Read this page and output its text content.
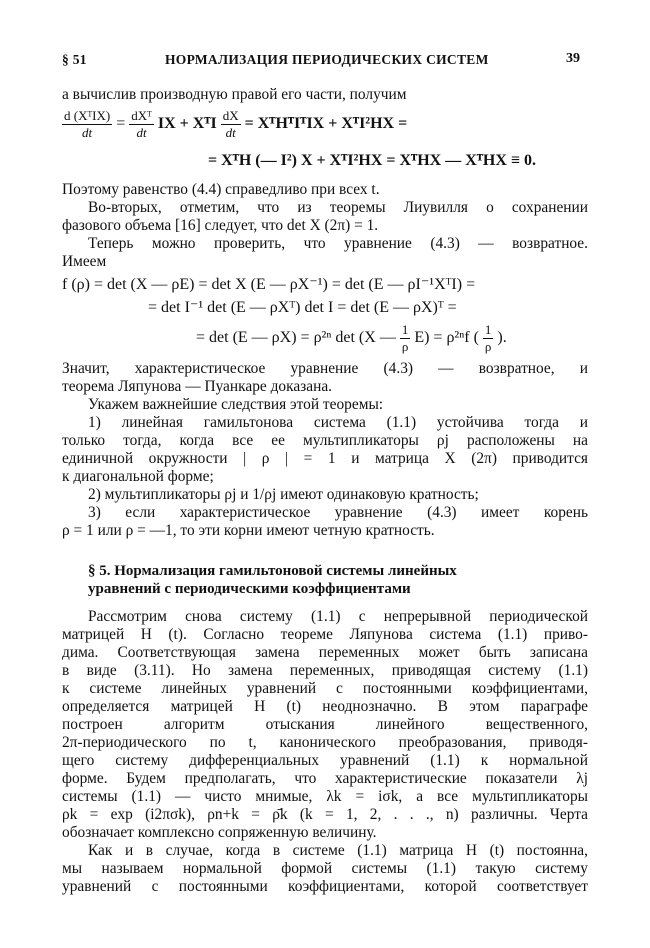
§ 51	НОРМАЛИЗАЦИЯ ПЕРИОДИЧЕСКИХ СИСТЕМ	39
а вычислив производную правой его части, получим
$\frac{\text{d (XᵀIX)}}{dt} = \frac{\text{dXᵀ}}{dt}$ IX + XᵀI $\frac{dX}{dt}$ = XᵀHᵀIᵀIX + XᵀI²HX =
= XᵀH (— I²) X + XᵀI²HX = XᵀHX — XᵀHX ≡ 0.
Поэтому равенство (4.4) справедливо при всех t.
Во-вторых, отметим, что из теоремы Лиувилля о сохранении
фазового объема [16] следует, что det X (2π) = 1.
Теперь можно проверить, что уравнение (4.3) — возвратное.
Имеем
f (ρ) = det (X — ρE) = det X (E — ρX⁻¹) = det (E — ρI⁻¹XᵀI) =
= det I⁻¹ det (E — ρXᵀ) det I = det (E — ρX)ᵀ =
= det (E — ρX) = ρ²ⁿ det (X — $\frac{1}{\rho} E) = \rho^{2n}f$ ( $\frac{1}{\rho}$ ).
Значит, характеристическое уравнение (4.3) — возвратное, и
теорема Ляпунова — Пуанкаре доказана.
Укажем важнейшие следствия этой теоремы:
1) линейная гамильтонова система (1.1) устойчива тогда и
только тогда, когда все ее мультипликаторы ρj расположены на
единичной окружности | ρ | = 1 и матрица X (2π) приводится
к диагональной форме;
2) мультипликаторы ρj и 1/ρj имеют одинаковую кратность;
3) если характеристическое уравнение (4.3) имеет корень
ρ = 1 или ρ = —1, то эти корни имеют четную кратность.
§ 5. Нормализация гамильтоновой системы линейных
уравнений с периодическими коэффициентами
Рассмотрим снова систему (1.1) с непрерывной периодической
матрицей H (t). Согласно теореме Ляпунова система (1.1) приво-
дима. Соответствующая замена переменных может быть записана
в виде (3.11). Но замена переменных, приводящая систему (1.1)
к системе линейных уравнений с постоянными коэффициентами,
определяется матрицей H (t) неоднозначно. В этом параграфе
построен алгоритм отыскания линейного вещественного,
2π-периодического по t, канонического преобразования, приводя-
щего систему дифференциальных уравнений (1.1) к нормальной
форме. Будем предполагать, что характеристические показатели λj
системы (1.1) — чисто мнимые, λk = iσk, а все мультипликаторы
ρk = exp (i2πσk), ρn+k = ρ̄k (k = 1, 2, . . ., n) различны. Черта
обозначает комплексно сопряженную величину.
Как и в случае, когда в системе (1.1) матрица H (t) постоянна,
мы называем нормальной формой системы (1.1) такую систему
уравнений с постоянными коэффициентами, которой соответствует
